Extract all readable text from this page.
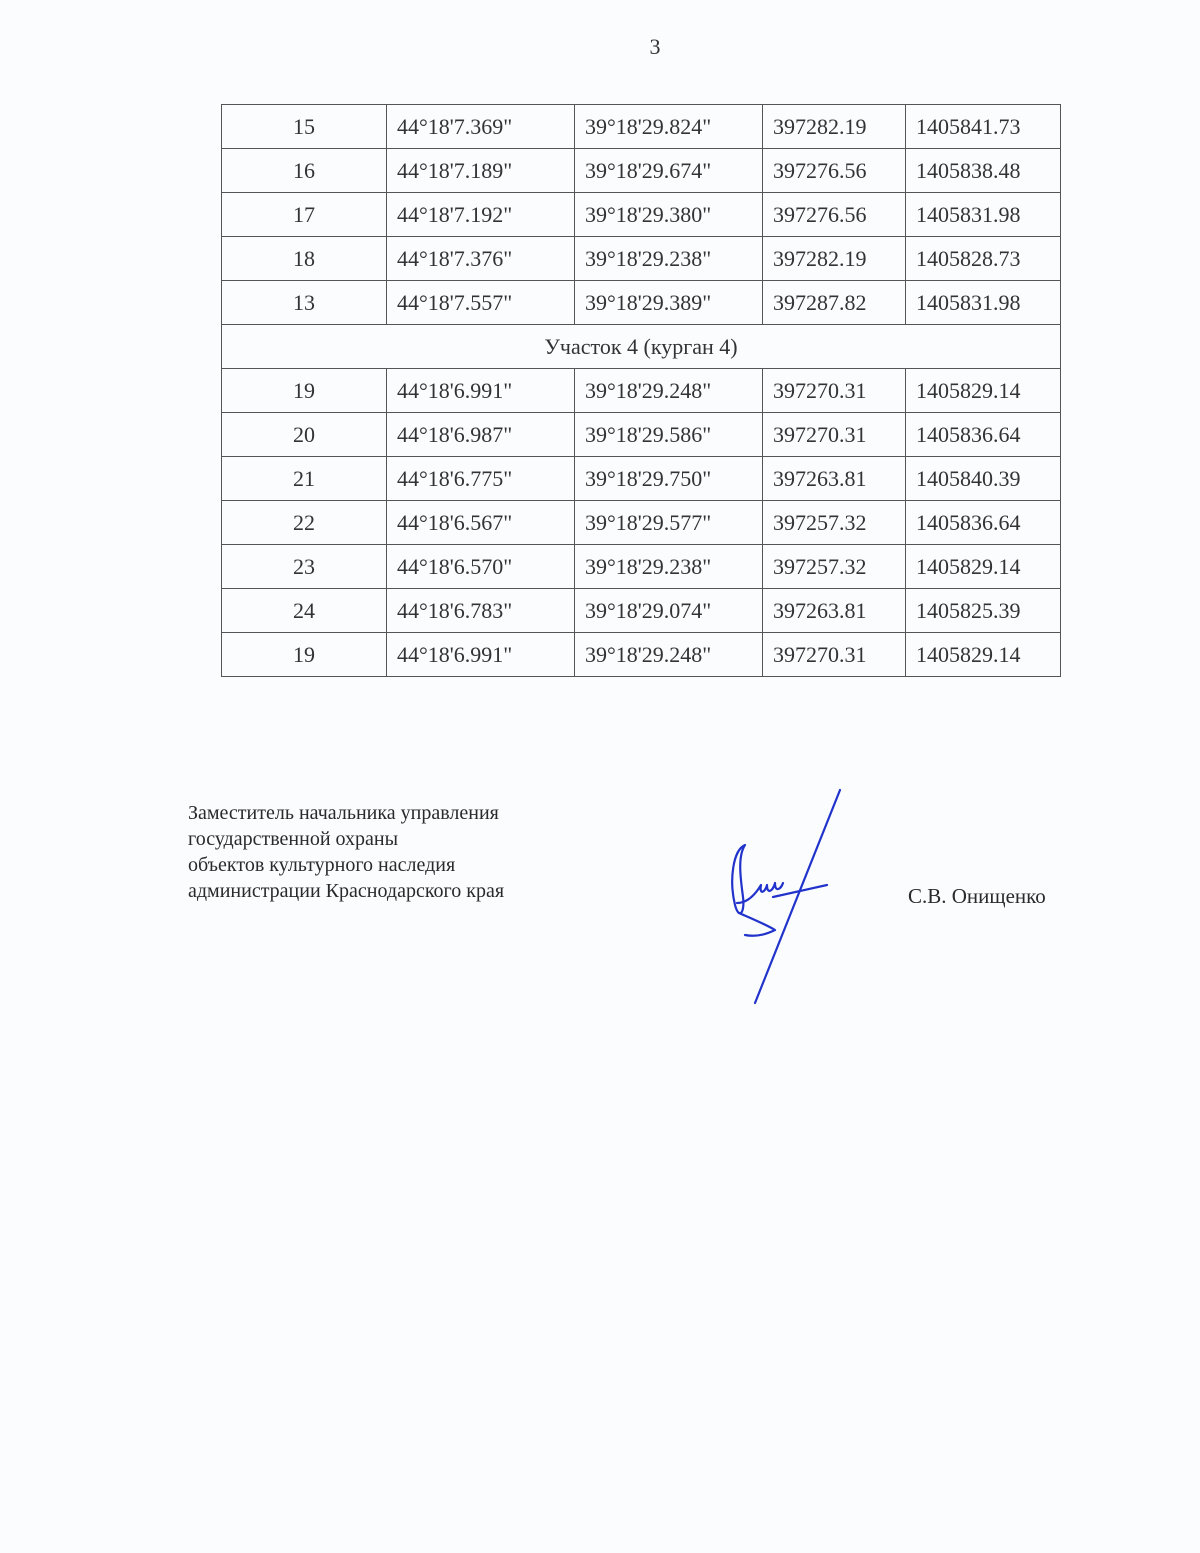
3
15	44°18'7.369"	39°18'29.824"	397282.19	1405841.73
16	44°18'7.189"	39°18'29.674"	397276.56	1405838.48
17	44°18'7.192"	39°18'29.380"	397276.56	1405831.98
18	44°18'7.376"	39°18'29.238"	397282.19	1405828.73
13	44°18'7.557"	39°18'29.389"	397287.82	1405831.98
Участок 4 (курган 4)				
19	44°18'6.991"	39°18'29.248"	397270.31	1405829.14
20	44°18'6.987"	39°18'29.586"	397270.31	1405836.64
21	44°18'6.775"	39°18'29.750"	397263.81	1405840.39
22	44°18'6.567"	39°18'29.577"	397257.32	1405836.64
23	44°18'6.570"	39°18'29.238"	397257.32	1405829.14
24	44°18'6.783"	39°18'29.074"	397263.81	1405825.39
19	44°18'6.991"	39°18'29.248"	397270.31	1405829.14
Заместитель начальника управления
государственной охраны
объектов культурного наследия
администрации Краснодарского края	С.В. Онищенко
